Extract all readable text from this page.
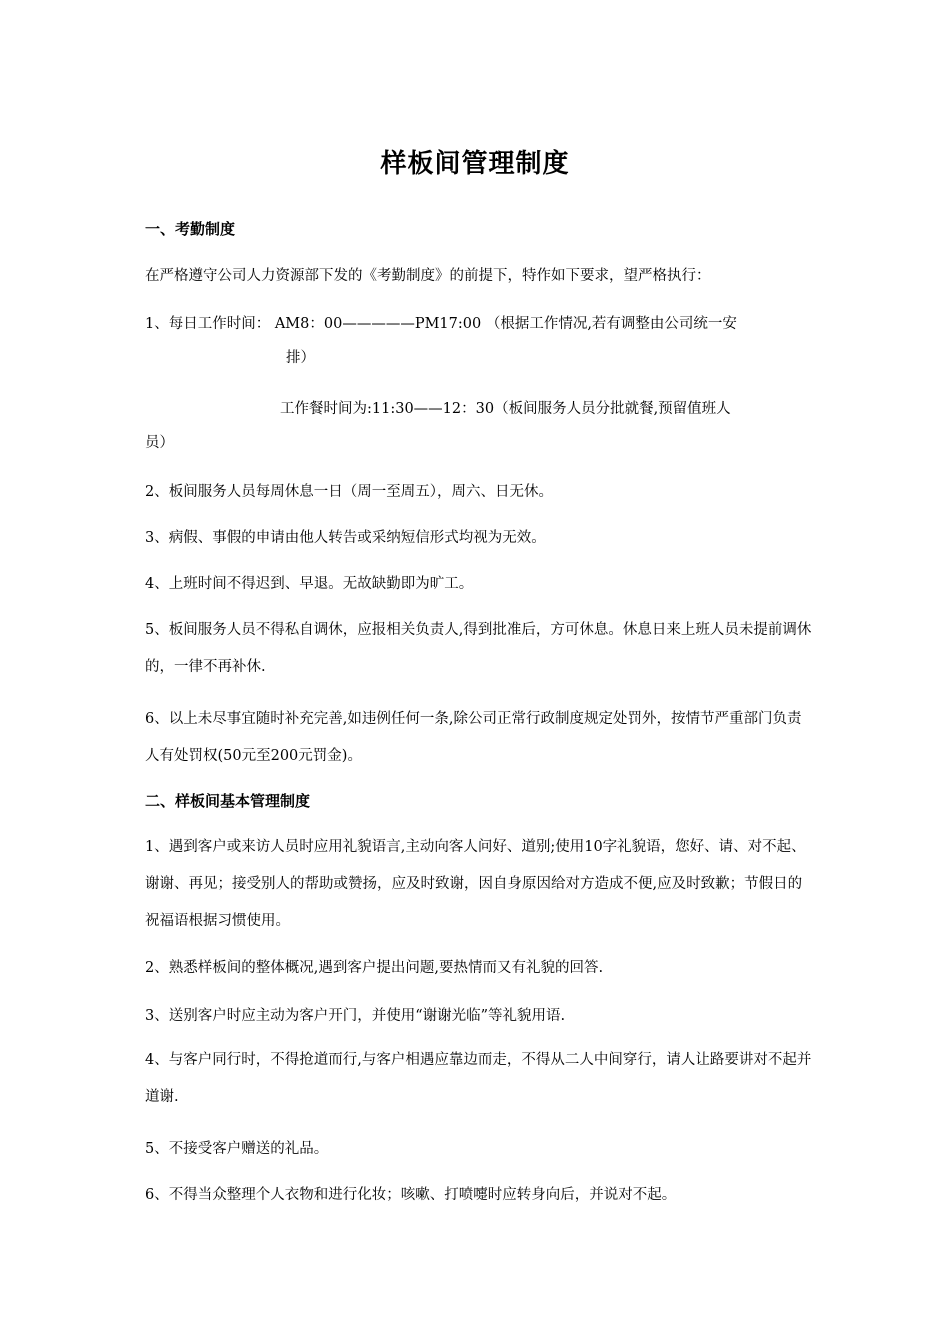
样板间管理制度
一、考勤制度
在严格遵守公司人力资源部下发的《考勤制度》的前提下，特作如下要求，望严格执行：
1、每日工作时间： AM8：00—————PM17:00 （根据工作情况,若有调整由公司统一安
排）
工作餐时间为:11:30——12：30（板间服务人员分批就餐,预留值班人
员）
2、板间服务人员每周休息一日（周一至周五），周六、日无休。
3、病假、事假的申请由他人转告或采纳短信形式均视为无效。
4、上班时间不得迟到、早退。无故缺勤即为旷工。
5、板间服务人员不得私自调休，应报相关负责人,得到批准后，方可休息。休息日来上班人员未提前调休的，一律不再补休.
6、以上未尽事宜随时补充完善,如违例任何一条,除公司正常行政制度规定处罚外，按情节严重部门负责人有处罚权(50元至200元罚金)。
二、样板间基本管理制度
1、遇到客户或来访人员时应用礼貌语言,主动向客人问好、道别;使用10字礼貌语，您好、请、对不起、谢谢、再见；接受别人的帮助或赞扬，应及时致谢，因自身原因给对方造成不便,应及时致歉；节假日的祝福语根据习惯使用。
2、熟悉样板间的整体概况,遇到客户提出问题,要热情而又有礼貌的回答.
3、送别客户时应主动为客户开门，并使用“谢谢光临”等礼貌用语.
4、与客户同行时，不得抢道而行,与客户相遇应靠边而走，不得从二人中间穿行，请人让路要讲对不起并道谢.
5、不接受客户赠送的礼品。
6、不得当众整理个人衣物和进行化妆；咳嗽、打喷嚏时应转身向后，并说对不起。
